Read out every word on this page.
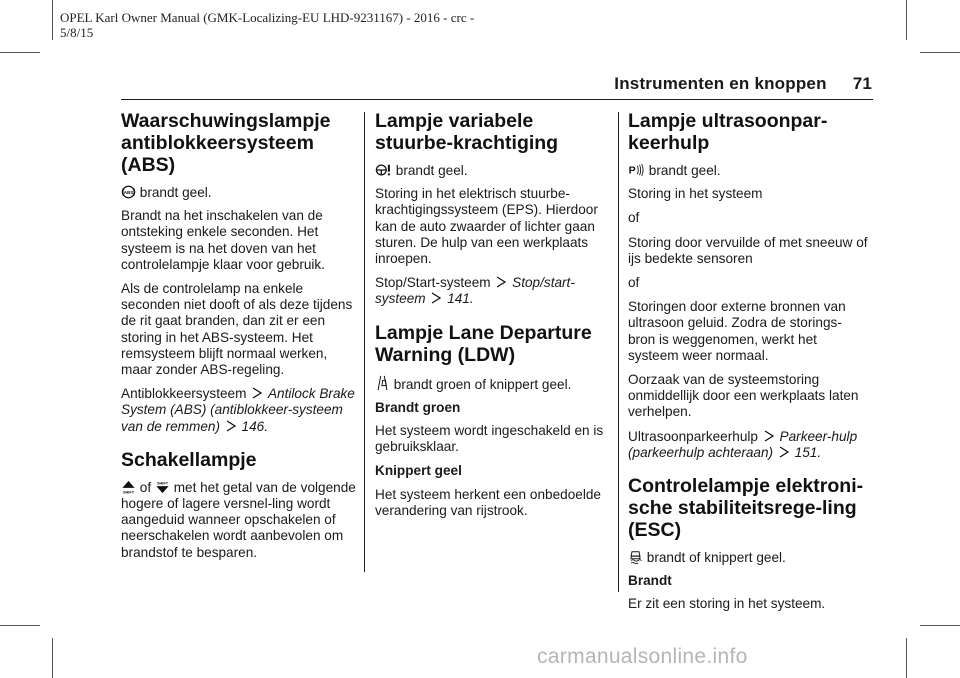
OPEL Karl Owner Manual (GMK-Localizing-EU LHD-9231167) - 2016 - crc -
5/8/15
Instrumenten en knoppen 71
Waarschuwingslampje antiblokkeersysteem (ABS)

ABS brandt geel.

Brandt na het inschakelen van de ontsteking enkele seconden. Het systeem is na het doven van het controlelampje klaar voor gebruik.

Als de controlelamp na enkele seconden niet dooft of als deze tijdens de rit gaat branden, dan zit er een storing in het ABS-systeem. Het remsysteem blijft normaal werken, maar zonder ABS-regeling.

Antiblokkeersysteem Antilock Brake System (ABS) (antiblokkeer-systeem van de remmen) 146.

Schakellampje

SHIFT of SHIFT met het getal van de volgende hogere of lagere versnel-ling wordt aangeduid wanneer opschakelen of neerschakelen wordt aanbevolen om brandstof te besparen.

Lampje variabele stuurbe-krachtiging

brandt geel.

Storing in het elektrisch stuurbe-krachtigingssysteem (EPS). Hierdoor kan de auto zwaarder of lichter gaan sturen. De hulp van een werkplaats inroepen.

Stop/Start-systeem Stop/start-systeem 141.

Lampje Lane Departure Warning (LDW)

brandt groen of knippert geel.

Brandt groen

Het systeem wordt ingeschakeld en is gebruiksklaar.

Knippert geel

Het systeem herkent een onbedoelde verandering van rijstrook.

Lampje ultrasoonpar-keerhulp

P brandt geel.

Storing in het systeem

of

Storing door vervuilde of met sneeuw of ijs bedekte sensoren

of

Storingen door externe bronnen van ultrasoon geluid. Zodra de storings-bron is weggenomen, werkt het systeem weer normaal.

Oorzaak van de systeemstoring onmiddellijk door een werkplaats laten verhelpen.

Ultrasoonparkeerhulp Parkeer-hulp (parkeerhulp achteraan) 151.

Controlelampje elektroni-sche stabiliteitsrege-ling (ESC)

brandt of knippert geel.

Brandt

Er zit een storing in het systeem.

carmanualsonline.info
